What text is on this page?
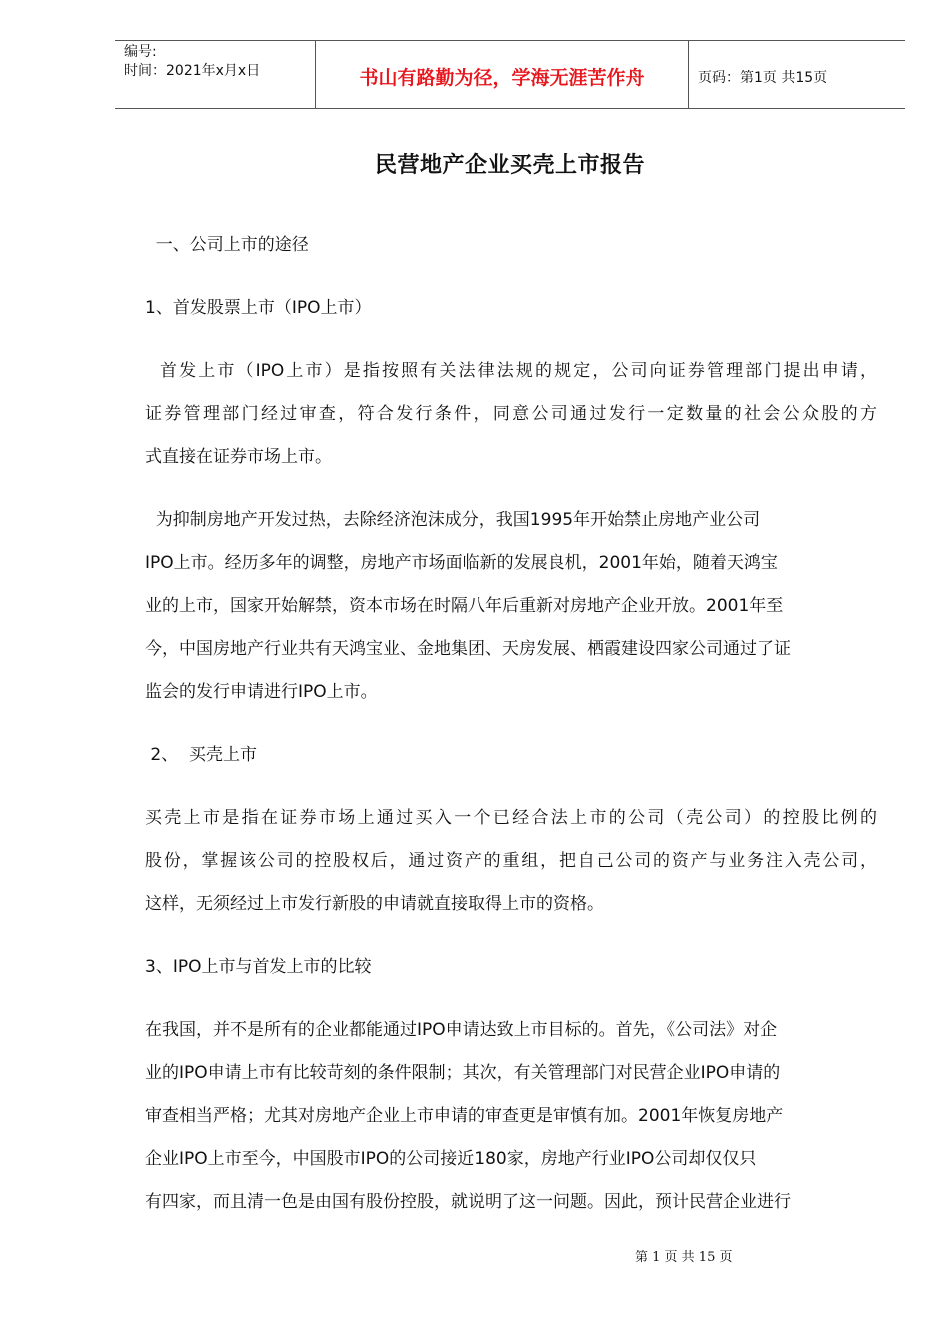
编号:
时间：2021年x月x日	书山有路勤为径，学海无涯苦作舟	页码：第1页 共15页
民营地产企业买壳上市报告
一、公司上市的途径
1、首发股票上市（IPO上市）
首发上市（IPO上市）是指按照有关法律法规的规定，公司向证券管理部门提出申请，
证券管理部门经过审查，符合发行条件，同意公司通过发行一定数量的社会公众股的方
式直接在证券市场上市。
为抑制房地产开发过热，去除经济泡沫成分，我国1995年开始禁止房地产业公司
IPO上市。经历多年的调整，房地产市场面临新的发展良机，2001年始，随着天鸿宝
业的上市，国家开始解禁，资本市场在时隔八年后重新对房地产企业开放。2001年至
今，中国房地产行业共有天鸿宝业、金地集团、天房发展、栖霞建设四家公司通过了证
监会的发行申请进行IPO上市。
2、  买壳上市
买壳上市是指在证券市场上通过买入一个已经合法上市的公司（壳公司）的控股比例的
股份，掌握该公司的控股权后，通过资产的重组，把自己公司的资产与业务注入壳公司，
这样，无须经过上市发行新股的申请就直接取得上市的资格。
3、IPO上市与首发上市的比较
在我国，并不是所有的企业都能通过IPO申请达致上市目标的。首先，《公司法》对企
业的IPO申请上市有比较苛刻的条件限制；其次，有关管理部门对民营企业IPO申请的
审查相当严格；尤其对房地产企业上市申请的审查更是审慎有加。2001年恢复房地产
企业IPO上市至今，中国股市IPO的公司接近180家，房地产行业IPO公司却仅仅只
有四家，而且清一色是由国有股份控股，就说明了这一问题。因此，预计民营企业进行
第 1 页 共 15 页
